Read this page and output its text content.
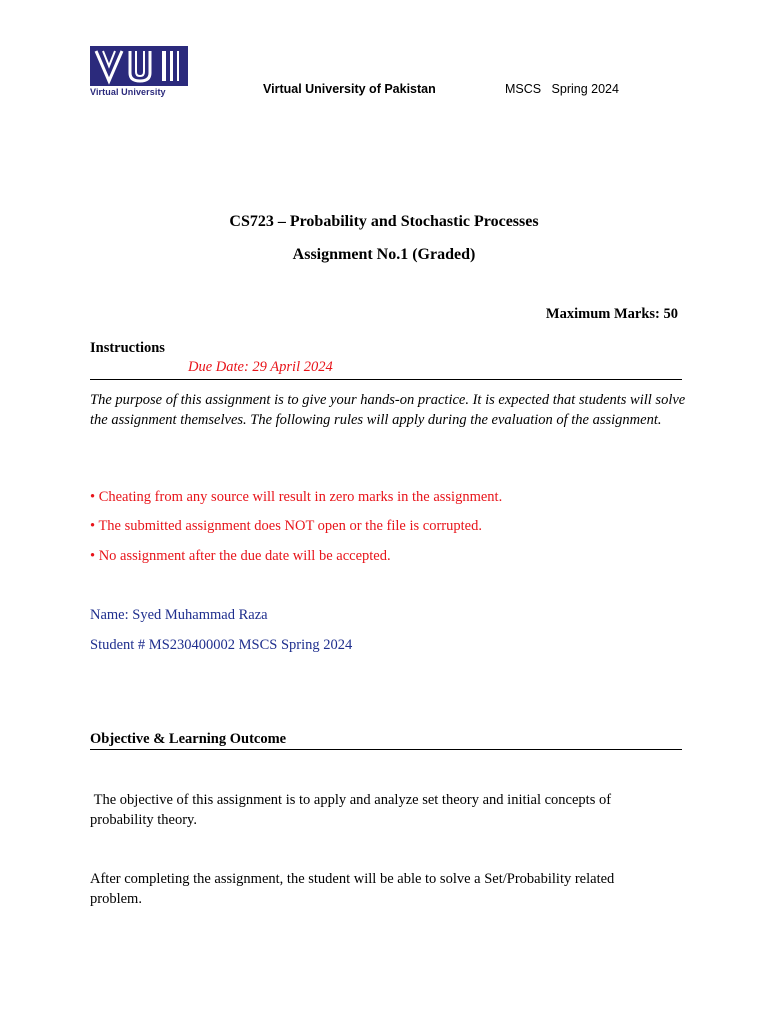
Virtual University	Virtual University of Pakistan	MSCS   Spring 2024
CS723 – Probability and Stochastic Processes
Assignment No.1 (Graded)
Maximum Marks: 50
Instructions
Due Date: 29 April 2024
The purpose of this assignment is to give your hands-on practice. It is expected that students will solve the assignment themselves. The following rules will apply during the evaluation of the assignment.
• Cheating from any source will result in zero marks in the assignment.
• The submitted assignment does NOT open or the file is corrupted.
• No assignment after the due date will be accepted.
Name: Syed Muhammad Raza
Student # MS230400002 MSCS Spring 2024
Objective & Learning Outcome
The objective of this assignment is to apply and analyze set theory and initial concepts of probability theory.
After completing the assignment, the student will be able to solve a Set/Probability related problem.
